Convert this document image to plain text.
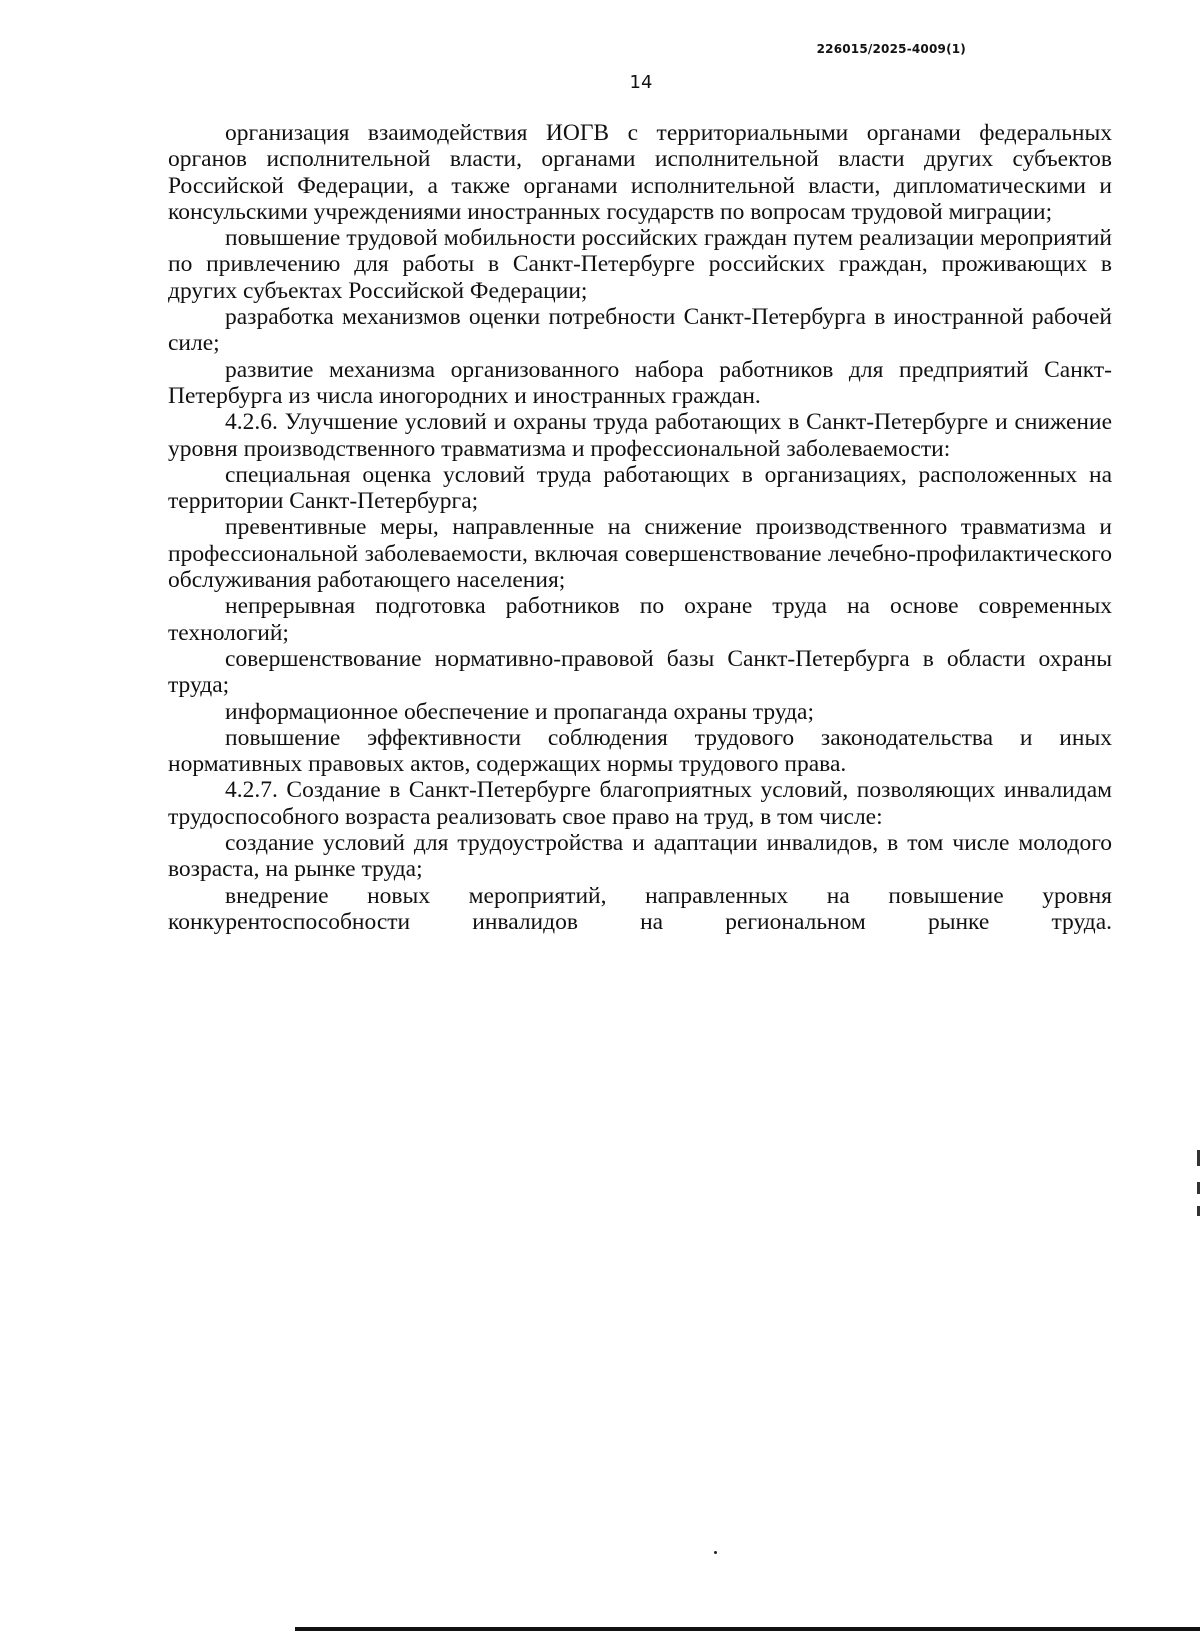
226015/2025-4009(1)
14

организация взаимодействия ИОГВ с территориальными органами федеральных органов исполнительной власти, органами исполнительной власти других субъектов Российской Федерации, а также органами исполнительной власти, дипломатическими и консульскими учреждениями иностранных государств по вопросам трудовой миграции;

повышение трудовой мобильности российских граждан путем реализации мероприятий по привлечению для работы в Санкт-Петербурге российских граждан, проживающих в других субъектах Российской Федерации;

разработка механизмов оценки потребности Санкт-Петербурга в иностранной рабочей силе;

развитие механизма организованного набора работников для предприятий Санкт-Петербурга из числа иногородних и иностранных граждан.

4.2.6. Улучшение условий и охраны труда работающих в Санкт-Петербурге и снижение уровня производственного травматизма и профессиональной заболеваемости:

специальная оценка условий труда работающих в организациях, расположенных на территории Санкт-Петербурга;

превентивные меры, направленные на снижение производственного травматизма и профессиональной заболеваемости, включая совершенствование лечебно-профилактического обслуживания работающего населения;

непрерывная подготовка работников по охране труда на основе современных технологий;

совершенствование нормативно-правовой базы Санкт-Петербурга в области охраны труда;

информационное обеспечение и пропаганда охраны труда;

повышение эффективности соблюдения трудового законодательства и иных нормативных правовых актов, содержащих нормы трудового права.

4.2.7. Создание в Санкт-Петербурге благоприятных условий, позволяющих инвалидам трудоспособного возраста реализовать свое право на труд, в том числе:

создание условий для трудоустройства и адаптации инвалидов, в том числе молодого возраста, на рынке труда;

внедрение новых мероприятий, направленных на повышение уровня конкурентоспособности инвалидов на региональном рынке труда.
